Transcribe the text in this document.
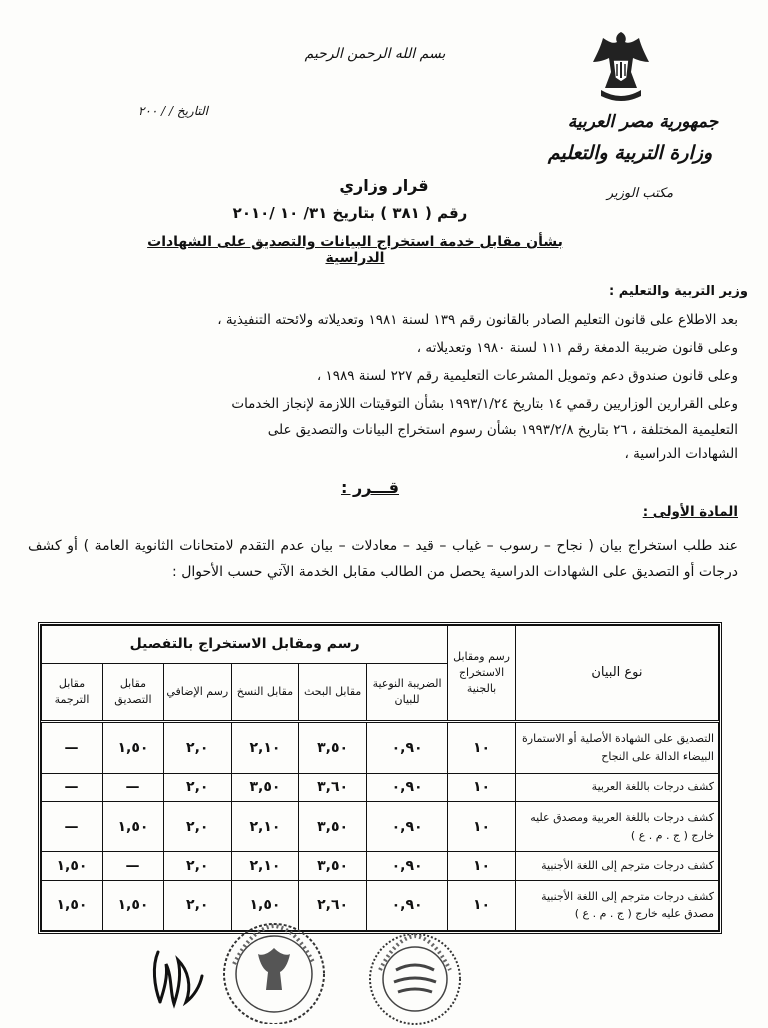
بسم الله الرحمن الرحيم
التاريخ / / ٢٠٠
جمهورية مصر العربية
وزارة التربية والتعليم
مكتب الوزير
قرار وزاري
رقم ( ٣٨١ ) بتاريخ ٣١/ ١٠ /٢٠١٠
بشأن مقابل خدمة استخراج البيانات والتصديق على الشهادات الدراسية
وزير التربية والتعليم :
بعد الاطلاع على قانون التعليم الصادر بالقانون رقم ١٣٩ لسنة ١٩٨١ وتعديلاته ولائحته التنفيذية ،
وعلى قانون ضريبة الدمغة رقم ١١١ لسنة ١٩٨٠ وتعديلاته ،
وعلى قانون صندوق دعم وتمويل المشرعات التعليمية رقم ٢٢٧ لسنة ١٩٨٩ ،
وعلى القرارين الوزاريين رقمي ١٤ بتاريخ ١٩٩٣/١/٢٤ بشأن التوقيتات اللازمة لإنجاز الخدمات
التعليمية المختلفة ، ٢٦ بتاريخ ١٩٩٣/٢/٨ بشأن رسوم استخراج البيانات والتصديق على
الشهادات الدراسية ،
قـــرر :
المادة الأولى :
عند طلب استخراج بيان ( نجاح – رسوب – غياب – قيد – معادلات – بيان عدم التقدم لامتحانات الثانوية العامة ) أو كشف درجات أو التصديق على الشهادات الدراسية يحصل من الطالب مقابل الخدمة الآتي حسب الأحوال :
نوع البيان	رسم ومقابل الاستخراج بالجنية	رسم ومقابل الاستخراج بالتفصيل					
		الضريبة النوعية للبيان	مقابل البحث	مقابل النسخ	رسم الإضافي	مقابل التصديق	مقابل الترجمة
التصديق على الشهادة الأصلية أو الاستمارة البيضاء الدالة على النجاح	١٠	٠,٩٠	٣,٥٠	٢,١٠	٢,٠	١,٥٠	—
كشف درجات باللغة العربية	١٠	٠,٩٠	٣,٦٠	٣,٥٠	٢,٠	—	—
كشف درجات باللغة العربية ومصدق عليه خارج ( ج . م . ع )	١٠	٠,٩٠	٣,٥٠	٢,١٠	٢,٠	١,٥٠	—
كشف درجات مترجم إلى اللغة الأجنبية	١٠	٠,٩٠	٣,٥٠	٢,١٠	٢,٠	—	١,٥٠
كشف درجات مترجم إلى اللغة الأجنبية مصدق عليه خارج ( ج . م . ع )	١٠	٠,٩٠	٢,٦٠	١,٥٠	٢,٠	١,٥٠	١,٥٠
